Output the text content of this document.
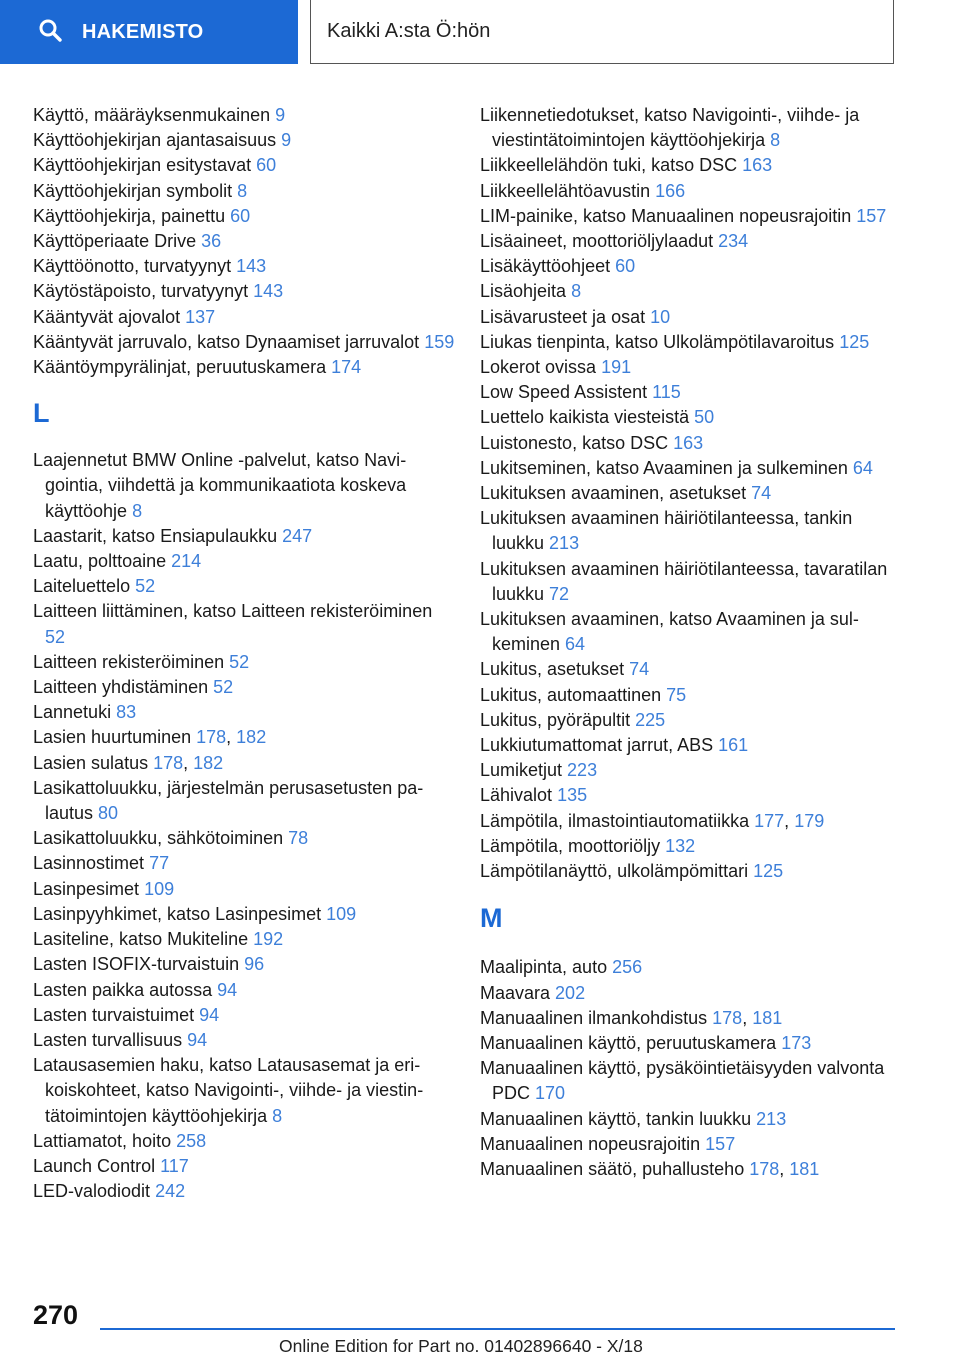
HAKEMISTO	Kaikki A:sta Ö:hön
Käyttö, määräyksenmukainen 9
Käyttöohjekirjan ajantasaisuus 9
Käyttöohjekirjan esitystavat 60
Käyttöohjekirjan symbolit 8
Käyttöohjekirja, painettu 60
Käyttöperiaate Drive 36
Käyttöönotto, turvatyynyt 143
Käytöstäpoisto, turvatyynyt 143
Kääntyvät ajovalot 137
Kääntyvät jarruvalo, katso Dynaamiset jarruvalot 159
Kääntöympyrälinjat, peruutuskamera 174
L
Laajennetut BMW Online -palvelut, katso Navigointia, viihdettä ja kommunikaatiota koskeva käyttöohje 8
Laastarit, katso Ensiapulaukku 247
Laatu, polttoaine 214
Laiteluettelo 52
Laitteen liittäminen, katso Laitteen rekisteröiminen 52
Laitteen rekisteröiminen 52
Laitteen yhdistäminen 52
Lannetuki 83
Lasien huurtuminen 178, 182
Lasien sulatus 178, 182
Lasikattoluukku, järjestelmän perusasetusten palautus 80
Lasikattoluukku, sähkötoiminen 78
Lasinnostimet 77
Lasinpesimet 109
Lasinpyyhkimet, katso Lasinpesimet 109
Lasiteline, katso Mukiteline 192
Lasten ISOFIX-turvaistuin 96
Lasten paikka autossa 94
Lasten turvaistuimet 94
Lasten turvallisuus 94
Latausasemien haku, katso Latausasemat ja erikoiskohteet, katso Navigointi-, viihde- ja viestintätoimintojen käyttöohjekirja 8
Lattiamatot, hoito 258
Launch Control 117
LED-valodiodit 242
Liikennetiedotukset, katso Navigointi-, viihde- ja viestintätoimintojen käyttöohjekirja 8
Liikkeellelähdön tuki, katso DSC 163
Liikkeellelähtöavustin 166
LIM-painike, katso Manuaalinen nopeusrajoitin 157
Lisäaineet, moottoriöljylaadut 234
Lisäkäyttöohjeet 60
Lisäohjeita 8
Lisävarusteet ja osat 10
Liukas tienpinta, katso Ulkolämpötilavaroitus 125
Lokerot ovissa 191
Low Speed Assistent 115
Luettelo kaikista viesteistä 50
Luistonesto, katso DSC 163
Lukitseminen, katso Avaaminen ja sulkeminen 64
Lukituksen avaaminen, asetukset 74
Lukituksen avaaminen häiriötilanteessa, tankin luukku 213
Lukituksen avaaminen häiriötilanteessa, tavaratilan luukku 72
Lukituksen avaaminen, katso Avaaminen ja sulkeminen 64
Lukitus, asetukset 74
Lukitus, automaattinen 75
Lukitus, pyöräpultit 225
Lukkiutumattomat jarrut, ABS 161
Lumiketjut 223
Lähivalot 135
Lämpötila, ilmastointiautomatiikka 177, 179
Lämpötila, moottoriöljy 132
Lämpötilanäyttö, ulkolämpömittari 125
M
Maalipinta, auto 256
Maavara 202
Manuaalinen ilmankohdistus 178, 181
Manuaalinen käyttö, peruutuskamera 173
Manuaalinen käyttö, pysäköintietäisyyden valvonta PDC 170
Manuaalinen käyttö, tankin luukku 213
Manuaalinen nopeusrajoitin 157
Manuaalinen säätö, puhallusteho 178, 181
270
Online Edition for Part no. 01402896640 - X/18
